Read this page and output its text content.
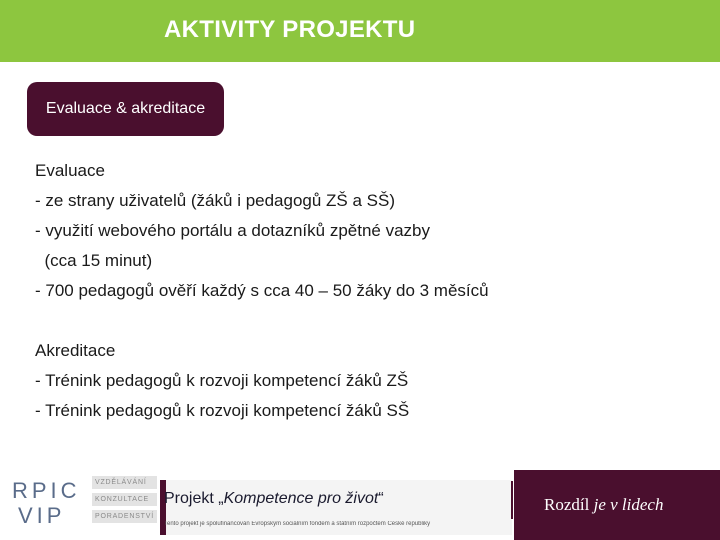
AKTIVITY PROJEKTU
Evaluace & akreditace
Evaluace
- ze strany uživatelů (žáků i pedagogů ZŠ a SŠ)
- využití webového portálu a dotazníků zpětné vazby
(cca 15 minut)
- 700 pedagogů ověří každý s cca 40 – 50 žáky do 3 měsíců
Akreditace
- Trénink pedagogů k rozvoji kompetencí žáků ZŠ
- Trénink pedagogů k rozvoji kompetencí žáků SŠ
RPIC
VIP
VZDĚLÁVÁNÍ
KONZULTACE
PORADENSTVÍ
Projekt „Kompetence pro život“
Tento projekt je spolufinancován Evropským sociálním fondem a státním rozpočtem České republiky
Rozdíl je v lidech
